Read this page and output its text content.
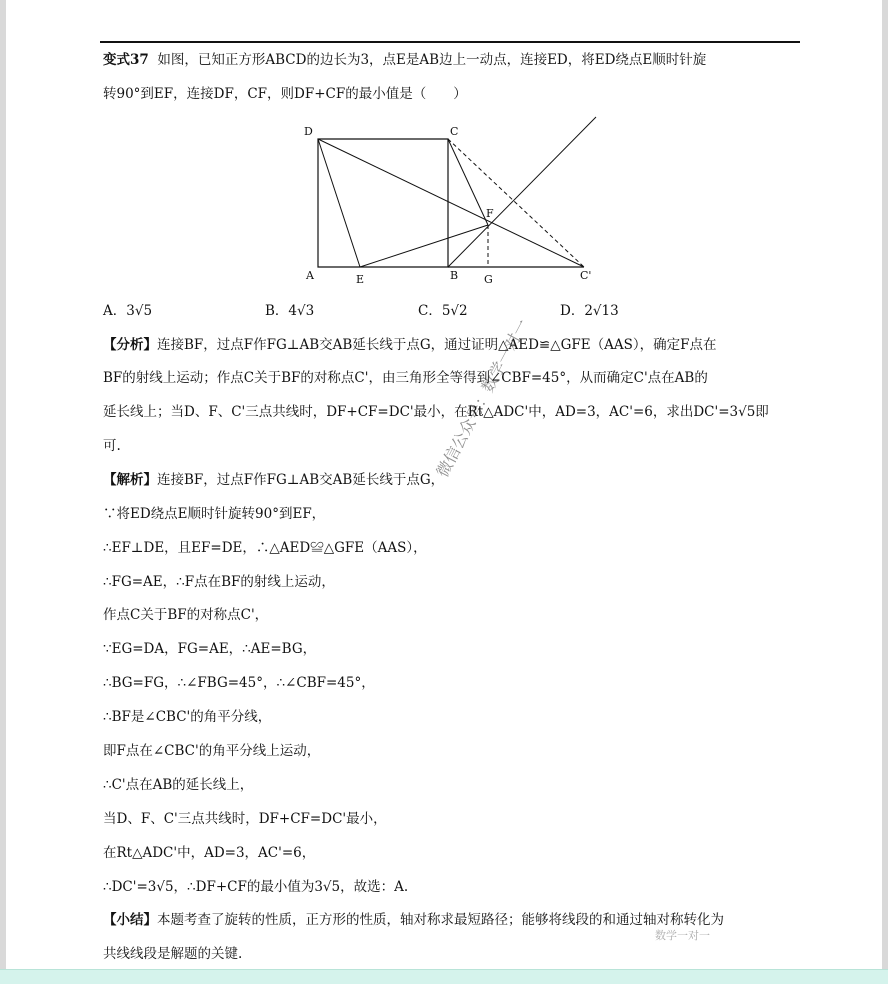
变式37 如图，已知正方形ABCD的边长为3，点E是AB边上一动点，连接ED，将ED绕点E顺时针旋
转90°到EF，连接DF，CF，则DF+CF的最小值是（　　）
D	C
A	E	B G
F
C'
A．3√5	B．4√3	C．5√2	D．2√13
【分析】连接BF，过点F作FG⊥AB交AB延长线于点G，通过证明△AED≌△GFE（AAS），确定F点在
BF的射线上运动；作点C关于BF的对称点C'，由三角形全等得到∠CBF=45°，从而确定C'点在AB的
延长线上；当D、F、C'三点共线时，DF+CF=DC'最小，在Rt△ADC'中，AD=3，AC'=6，求出DC'=3√5即
可.
【解析】连接BF，过点F作FG⊥AB交AB延长线于点G，
∵将ED绕点E顺时针旋转90°到EF，
∴EF⊥DE，且EF=DE，∴△AED≌△GFE（AAS），
∴FG=AE，∴F点在BF的射线上运动，
作点C关于BF的对称点C'，
∵EG=DA，FG=AE，∴AE=BG，
∴BG=FG，∴∠FBG=45°，∴∠CBF=45°，
∴BF是∠CBC'的角平分线，
即F点在∠CBC'的角平分线上运动，
∴C'点在AB的延长线上，
当D、F、C'三点共线时，DF+CF=DC'最小，
在Rt△ADC'中，AD=3，AC'=6，
∴DC'=3√5，∴DF+CF的最小值为3√5，故选：A.
【小结】本题考查了旋转的性质，正方形的性质，轴对称求最短路径；能够将线段的和通过轴对称转化为
共线线段是解题的关键.
微信公众号：数学一对一
数学一对一
